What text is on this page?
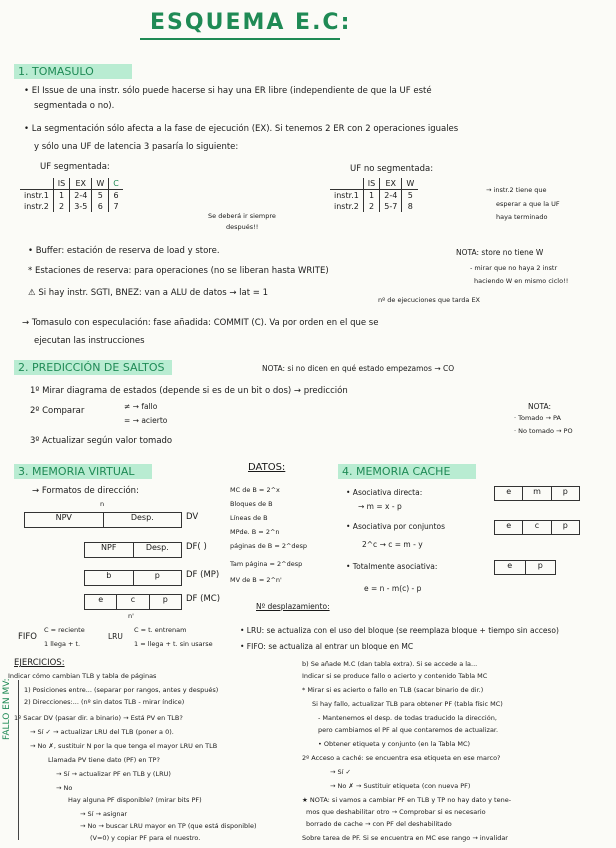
ESQUEMA E.C:
1. TOMASULO
• El Issue de una instr. sólo puede hacerse si hay una ER libre (independiente de que la UF esté
segmentada o no).
• La segmentación sólo afecta a la fase de ejecución (EX). Si tenemos 2 ER con 2 operaciones iguales
y sólo una UF de latencia 3 pasaría lo siguiente:
UF segmentada:
	IS	EX	W	C
instr.1	1	2-4	5	6
instr.2	2	3-5	6	7
Se deberá ir siempre
después!!
UF no segmentada:
	IS	EX	W
instr.1	1	2-4	5
instr.2	2	5-7	8
→ instr.2 tiene que
esperar a que la UF
haya terminado
• Buffer: estación de reserva de load y store.
* Estaciones de reserva: para operaciones (no se liberan hasta WRITE)
⚠ Si hay instr. SGTI, BNEZ: van a ALU de datos → lat = 1
nº de ejecuciones que tarda EX
NOTA: store no tiene W
- mirar que no haya 2 instr
haciendo W en mismo ciclo!!
→ Tomasulo con especulación: fase añadida: COMMIT (C). Va por orden en el que se
ejecutan las instrucciones
2. PREDICCIÓN DE SALTOS	NOTA: si no dicen en qué estado empezamos → CO
1º Mirar diagrama de estados (depende si es de un bit o dos) → predicción
2º Comparar	≠ → fallo
= → acierto
3º Actualizar según valor tomado
NOTA:
· Tomado → PA
· No tomado → PO
3. MEMORIA VIRTUAL
→ Formatos de dirección:
n
NPV	Desp.	DV
NPF	Desp.	DF( )
b	p	DF (MP)
e	c	p	DF (MC)
n'
FIFO
C = reciente
1 llega + t.
LRU
C = t. entrenam
1 = llega + t. sin usarse
• LRU: se actualiza con el uso del bloque (se reemplaza bloque + tiempo sin acceso)
• FIFO: se actualiza al entrar un bloque en MC
DATOS:
MC de B = 2^x
Bloques de B
Líneas de B
MPde. B = 2^n
páginas de B = 2^desp
Tam página = 2^desp
MV de B = 2^n'
Nº desplazamiento:
4. MEMORIA CACHE
• Asociativa directa:
→ m = x - p
e	m	p
• Asociativa por conjuntos	e	c	p
2^c → c = m - y
• Totalmente asociativa:	e	p
e = n - m(c) - p
EJERCICIOS:
FALLO EN MV:
Indicar cómo cambian TLB y tabla de páginas
1) Posiciones entre... (separar por rangos, antes y después)
2) Direcciones:... (nº sin datos TLB - mirar índice)
1º Sacar DV (pasar dir. a binario) → Está PV en TLB?
→ Sí ✓ → actualizar LRU del TLB (poner a 0).
→ No ✗, sustituir N por la que tenga el mayor LRU en TLB
Llamada PV tiene dato (PF) en TP?
→ Sí → actualizar PF en TLB y (LRU)
→ No
Hay alguna PF disponible? (mirar bits PF)
→ Sí → asignar
→ No → buscar LRU mayor en TP (que está disponible)
(V=0) y copiar PF para el nuestro.
b) Se añade M.C (dan tabla extra). Si se accede a la...
Indicar si se produce fallo o acierto y contenido Tabla MC
* Mirar si es acierto o fallo en TLB (sacar binario de dir.)
Si hay fallo, actualizar TLB para obtener PF (tabla físic MC)
- Mantenemos el desp. de todas traducido la dirección,
pero cambiamos el PF al que contaremos de actualizar.
• Obtener etiqueta y conjunto (en la Tabla MC)
2º Acceso a caché: se encuentra esa etiqueta en ese marco?
→ Sí ✓
→ No ✗ → Sustituir etiqueta (con nueva PF)
★ NOTA: si vamos a cambiar PF en TLB y TP no hay dato y tene-
mos que deshabilitar otro → Comprobar si es necesario
borrado de cache → con PF del deshabilitado
Sobre tarea de PF. Si se encuentra en MC ese rango → invalidar
